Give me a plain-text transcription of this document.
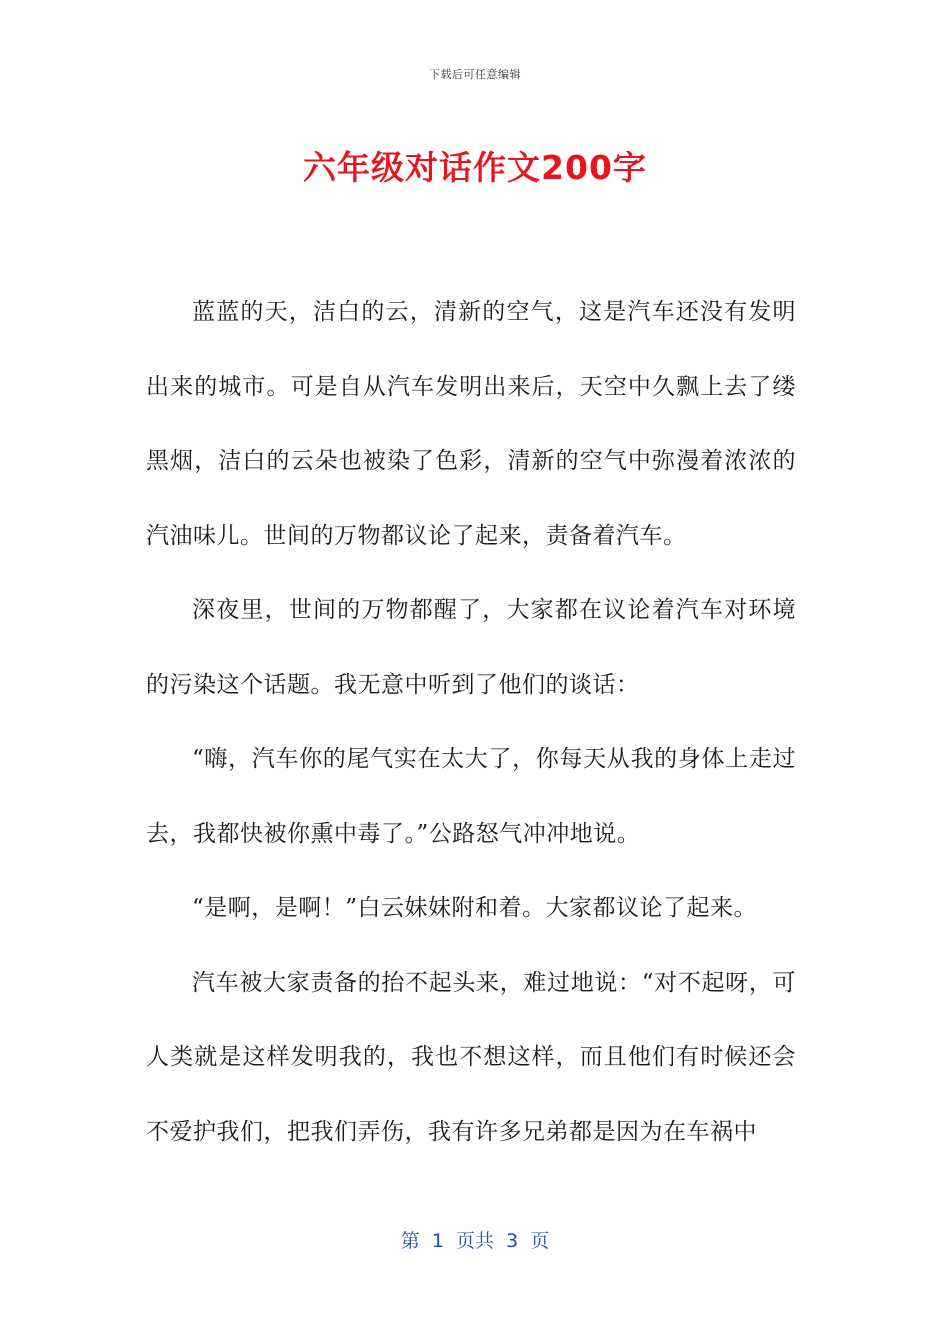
下载后可任意编辑
六年级对话作文200字

蓝蓝的天，洁白的云，清新的空气，这是汽车还没有发明出来的城市。可是自从汽车发明出来后，天空中久飘上去了缕黑烟，洁白的云朵也被染了色彩，清新的空气中弥漫着浓浓的汽油味儿。世间的万物都议论了起来，责备着汽车。

深夜里，世间的万物都醒了，大家都在议论着汽车对环境的污染这个话题。我无意中听到了他们的谈话：

“嗨，汽车你的尾气实在太大了，你每天从我的身体上走过去，我都快被你熏中毒了。”公路怒气冲冲地说。

“是啊，是啊！”白云妹妹附和着。大家都议论了起来。

汽车被大家责备的抬不起头来，难过地说：“对不起呀，可人类就是这样发明我的，我也不想这样，而且他们有时候还会不爱护我们，把我们弄伤，我有许多兄弟都是因为在车祸中

第  1  页共  3  页
